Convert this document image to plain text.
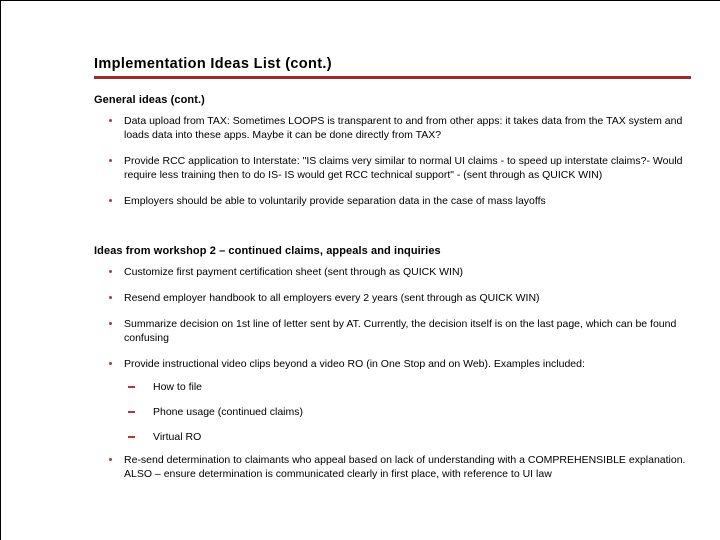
Implementation Ideas List (cont.)
General ideas (cont.)
Data upload from TAX: Sometimes LOOPS is transparent to and from other apps: it takes data from the TAX system and loads data into these apps. Maybe it can be done directly from TAX?
Provide RCC application to Interstate: "IS claims very similar to normal UI claims - to speed up interstate claims?- Would require less training then to do IS- IS would get RCC technical support" - (sent through as QUICK WIN)
Employers should be able to voluntarily provide separation data in the case of mass layoffs
Ideas from workshop 2 – continued claims, appeals and inquiries
Customize first payment certification sheet (sent through as QUICK WIN)
Resend employer handbook to all employers every 2 years (sent through as QUICK WIN)
Summarize decision on 1st line of letter sent by AT. Currently, the decision itself is on the last page, which can be found confusing
Provide instructional video clips beyond a video RO (in One Stop and on Web). Examples included:
How to file
Phone usage (continued claims)
Virtual RO
Re-send determination to claimants who appeal based on lack of understanding with a COMPREHENSIBLE explanation. ALSO – ensure determination is communicated clearly in first place, with reference to UI law
